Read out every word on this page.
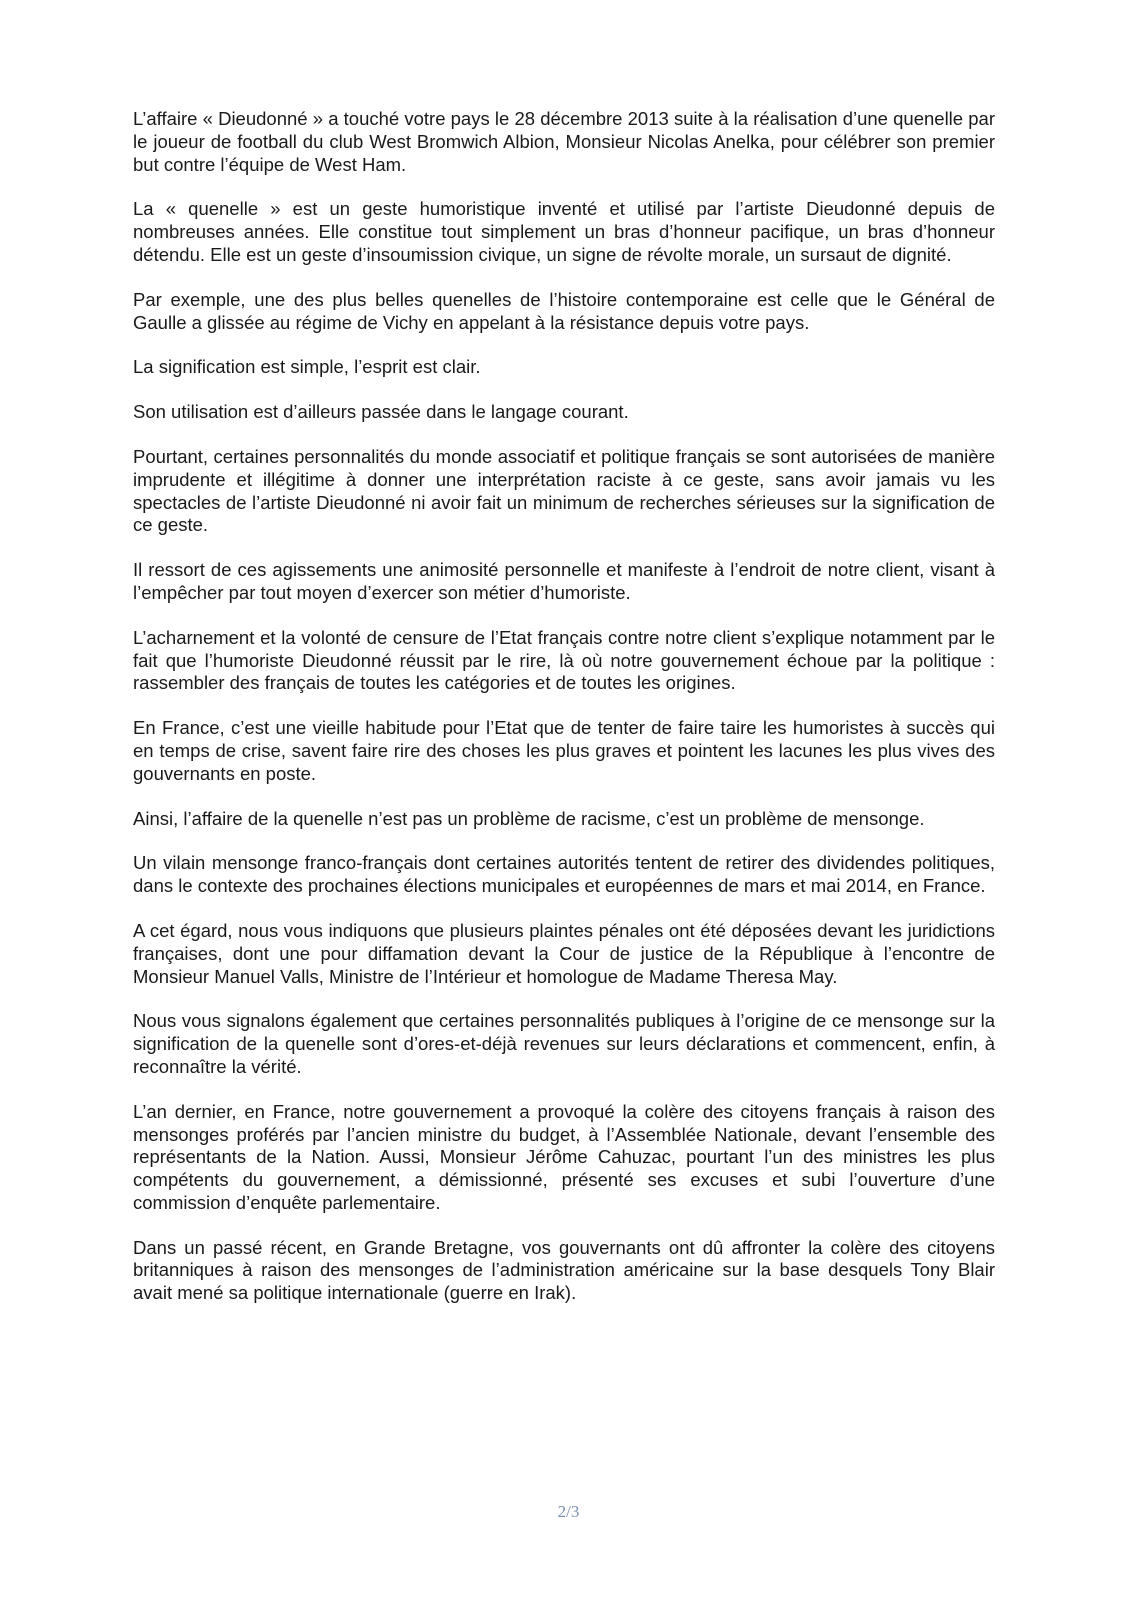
L’affaire « Dieudonné » a touché votre pays le 28 décembre 2013 suite à la réalisation d’une quenelle par le joueur de football du club West Bromwich Albion, Monsieur Nicolas Anelka, pour célébrer son premier but contre l’équipe de West Ham.

La « quenelle » est un geste humoristique inventé et utilisé par l’artiste Dieudonné depuis de nombreuses années. Elle constitue tout simplement un bras d’honneur pacifique, un bras d’honneur détendu. Elle est un geste d’insoumission civique, un signe de révolte morale, un sursaut de dignité.

Par exemple, une des plus belles quenelles de l’histoire contemporaine est celle que le Général de Gaulle a glissée au régime de Vichy en appelant à la résistance depuis votre pays.

La signification est simple, l’esprit est clair.

Son utilisation est d’ailleurs passée dans le langage courant.

Pourtant, certaines personnalités du monde associatif et politique français se sont autorisées de manière imprudente et illégitime à donner une interprétation raciste à ce geste, sans avoir jamais vu les spectacles de l’artiste Dieudonné ni avoir fait un minimum de recherches sérieuses sur la signification de ce geste.

Il ressort de ces agissements une animosité personnelle et manifeste à l’endroit de notre client, visant à l’empêcher par tout moyen d’exercer son métier d’humoriste.

L’acharnement et la volonté de censure de l’Etat français contre notre client s’explique notamment par le fait que l’humoriste Dieudonné réussit par le rire, là où notre gouvernement échoue par la politique : rassembler des français de toutes les catégories et de toutes les origines.

En France, c’est une vieille habitude pour l’Etat que de tenter de faire taire les humoristes à succès qui en temps de crise, savent faire rire des choses les plus graves et pointent les lacunes les plus vives des gouvernants en poste.

Ainsi, l’affaire de la quenelle n’est pas un problème de racisme, c’est un problème de mensonge.

Un vilain mensonge franco-français dont certaines autorités tentent de retirer des dividendes politiques, dans le contexte des prochaines élections municipales et européennes de mars et mai 2014, en France.

A cet égard, nous vous indiquons que plusieurs plaintes pénales ont été déposées devant les juridictions françaises, dont une pour diffamation devant la Cour de justice de la République à l’encontre de Monsieur Manuel Valls, Ministre de l’Intérieur et homologue de Madame Theresa May.

Nous vous signalons également que certaines personnalités publiques à l’origine de ce mensonge sur la signification de la quenelle sont d’ores-et-déjà revenues sur leurs déclarations et commencent, enfin, à reconnaître la vérité.

L’an dernier, en France, notre gouvernement a provoqué la colère des citoyens français à raison des mensonges proférés par l’ancien ministre du budget, à l’Assemblée Nationale, devant l’ensemble des représentants de la Nation. Aussi, Monsieur Jérôme Cahuzac, pourtant l’un des ministres les plus compétents du gouvernement, a démissionné, présenté ses excuses et subi l’ouverture d’une commission d’enquête parlementaire.

Dans un passé récent, en Grande Bretagne, vos gouvernants ont dû affronter la colère des citoyens britanniques à raison des mensonges de l’administration américaine sur la base desquels Tony Blair avait mené sa politique internationale (guerre en Irak).

2/3
